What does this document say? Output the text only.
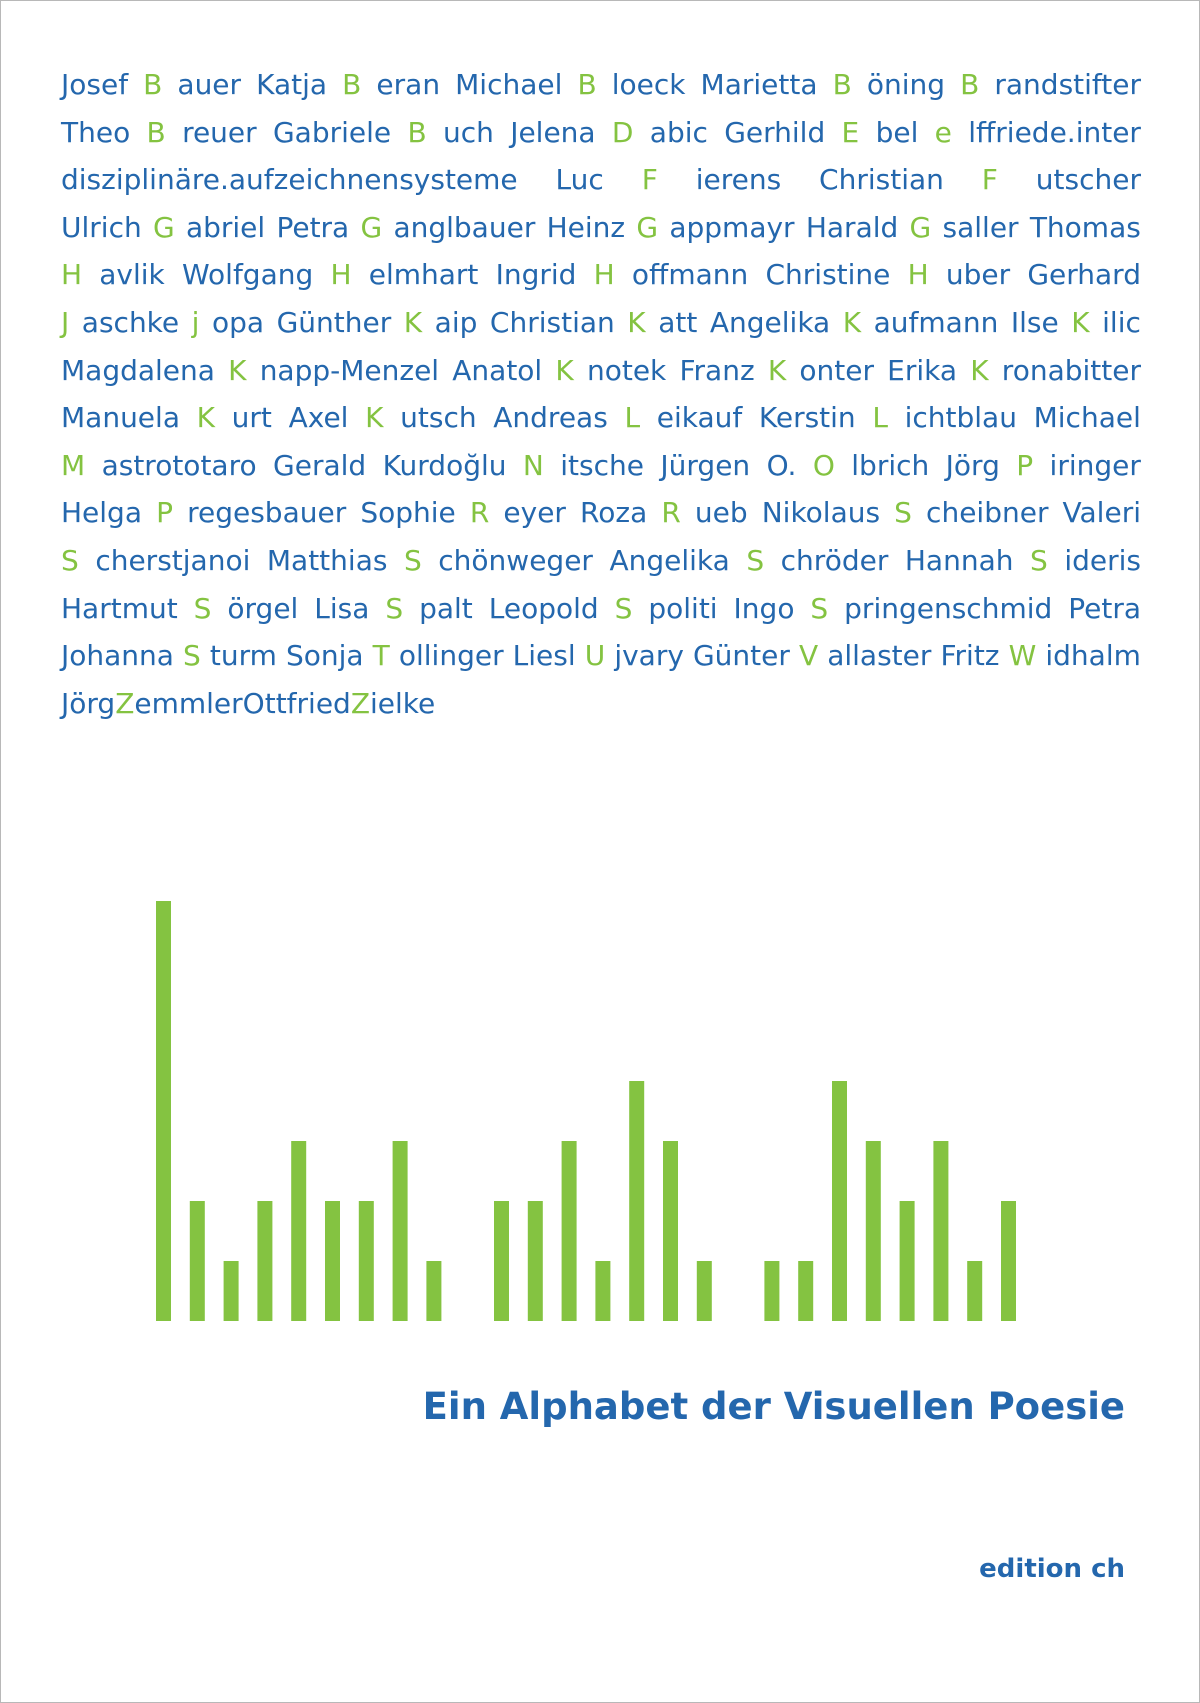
Josef B auer Katja B eran Michael B loeck Marietta B öning B randstifter
Theo B reuer Gabriele B uch Jelena D abic Gerhild E bel e lffriede.inter
disziplinäre.aufzeichnensysteme Luc F ierens Christian F utscher
Ulrich G abriel Petra G anglbauer Heinz G appmayr Harald G saller Thomas
H avlik Wolfgang H elmhart Ingrid H offmann Christine H uber Gerhard
J aschke j opa Günther K aip Christian K att Angelika K aufmann Ilse K ilic
Magdalena K napp-Menzel Anatol K notek Franz K onter Erika K ronabitter
Manuela K urt Axel K utsch Andreas L eikauf Kerstin L ichtblau Michael
M astrototaro Gerald Kurdoğlu N itsche Jürgen O. O lbrich Jörg P iringer
Helga P regesbauer Sophie R eyer Roza R ueb Nikolaus S cheibner Valeri
S cherstjanoi Matthias S chönweger Angelika S chröder Hannah S ideris
Hartmut S örgel Lisa S palt Leopold S politi Ingo S pringenschmid Petra
Johanna S turm Sonja T ollinger Liesl U jvary Günter V allaster Fritz W idhalm
Jörg Z emmler Ottfried Z ielke
Ein Alphabet der Visuellen Poesie

edition ch
